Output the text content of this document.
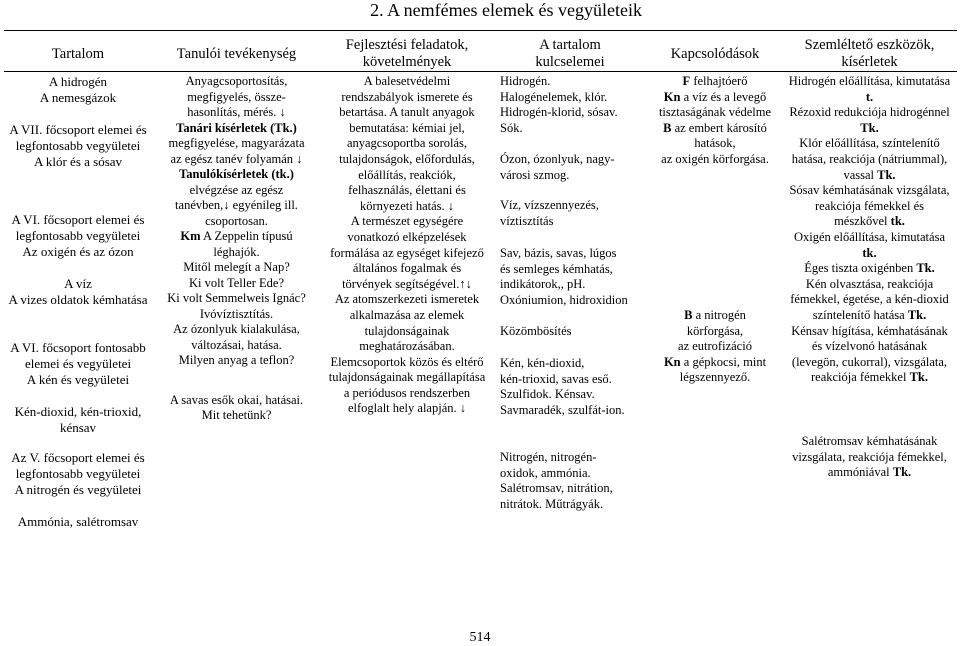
2. A nemfémes elemek és vegyületeik
Tartalom	Tanulói tevékenység
Fejlesztési feladatok,
követelmények
A tartalom
kulcselemei	Kapcsolódások
Szemléltető eszközök,
kísérletek
A hidrogén
A nemesgázok
A VII. főcsoport elemei és
legfontosabb vegyületei
A klór és a sósav
A VI. főcsoport elemei és
legfontosabb vegyületei
Az oxigén és az ózon
A víz
A vizes oldatok kémhatása
A VI. főcsoport fontosabb
elemei és vegyületei
A kén és vegyületei
Kén-dioxid, kén-trioxid,
kénsav
Az V. főcsoport elemei és
legfontosabb vegyületei
A nitrogén és vegyületei
Ammónia, salétromsav
Anyagcsoportosítás,
megfigyelés, össze-
hasonlítás, mérés. ↓
Tanári kísérletek (Tk.)
megfigyelése, magyarázata
az egész tanév folyamán ↓
Tanulókísérletek (tk.)
elvégzése az egész
tanévben,↓ egyénileg ill.
csoportosan.
Km A Zeppelin típusú
léghajók.
Mitől melegít a Nap?
Ki volt Teller Ede?
Ki volt Semmelweis Ignác?
Ivóvíztisztítás.
Az ózonlyuk kialakulása,
változásai, hatása.
Milyen anyag a teflon?
A savas esők okai, hatásai.
Mit tehetünk?
A balesetvédelmi
rendszabályok ismerete és
betartása. A tanult anyagok
bemutatása: kémiai jel,
anyagcsoportba sorolás,
tulajdonságok, előfordulás,
előállítás, reakciók,
felhasználás, élettani és
környezeti hatás. ↓
A természet egységére
vonatkozó elképzelések
formálása az egységet kifejező
általános fogalmak és
törvények segítségével.↑↓
Az atomszerkezeti ismeretek
alkalmazása az elemek
tulajdonságainak
meghatározásában.
Elemcsoportok közös és eltérő
tulajdonságainak megállapítása
a periódusos rendszerben
elfoglalt hely alapján. ↓
Hidrogén.
Halogénelemek, klór.
Hidrogén-klorid, sósav.
Sók.
Ózon, ózonlyuk, nagy-
városi szmog.
Víz, vízszennyezés,
víztisztítás
Sav, bázis, savas, lúgos
és semleges kémhatás,
indikátorok,, pH.
Oxóniumion, hidroxidion
Közömbösítés
Kén, kén-dioxid,
kén-trioxid, savas eső.
Szulfidok. Kénsav.
Savmaradék, szulfát-ion.
Nitrogén, nitrogén-
oxidok, ammónia.
Salétromsav, nitrátion,
nitrátok. Műtrágyák.
F felhajtóerő
Kn a víz és a levegő
tisztaságának védelme
B az embert károsító
hatások,
az oxigén körforgása.
B a nitrogén
körforgása,
az eutrofizáció
Kn a gépkocsi, mint
légszennyező.
Hidrogén előállítása, kimutatása
t.
Rézoxid redukciója hidrogénnel
Tk.
Klór előállítása, színtelenítő
hatása, reakciója (nátriummal),
vassal Tk.
Sósav kémhatásának vizsgálata,
reakciója fémekkel és
mészkővel tk.
Oxigén előállítása, kimutatása
tk.
Éges tiszta oxigénben Tk.
Kén olvasztása, reakciója
fémekkel, égetése, a kén-dioxid
színtelenítő hatása Tk.
Kénsav hígítása, kémhatásának
és vízelvonó hatásának
(levegön, cukorral), vizsgálata,
reakciója fémekkel Tk.
Salétromsav kémhatásának
vizsgálata, reakciója fémekkel,
ammóniával Tk.
514
